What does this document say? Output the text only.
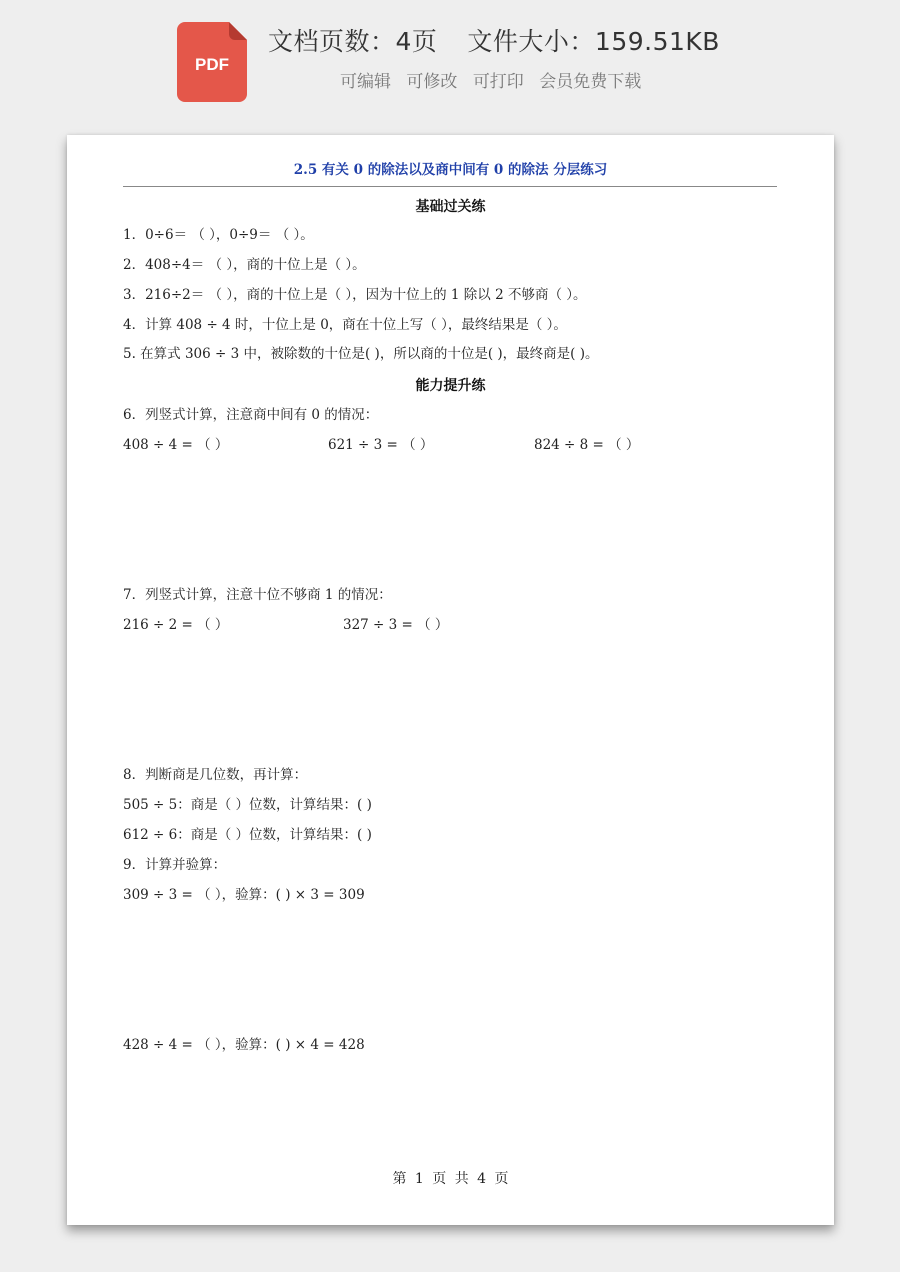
PDF
文档页数：4页 文件大小：159.51KB
可编辑 可修改 可打印 会员免费下载
2.5 有关 0 的除法以及商中间有 0 的除法 分层练习
基础过关练
1．0÷6＝ （ ），0÷9＝ （ ）。
2．408÷4＝ （ ），商的十位上是（ ）。
3．216÷2＝ （ ），商的十位上是（ ），因为十位上的 1 除以 2 不够商（ ）。
4．计算 408 ÷ 4 时，十位上是 0，商在十位上写（ ），最终结果是（ ）。
5. 在算式 306 ÷ 3 中，被除数的十位是( )，所以商的十位是( )，最终商是( )。
能力提升练
6．列竖式计算，注意商中间有 0 的情况：
408 ÷ 4 = （ ）	621 ÷ 3 = （ ）	824 ÷ 8 = （ ）
7．列竖式计算，注意十位不够商 1 的情况：
216 ÷ 2 = （ ）	327 ÷ 3 = （ ）
8．判断商是几位数，再计算：
505 ÷ 5：商是（ ）位数，计算结果：( )
612 ÷ 6：商是（ ）位数，计算结果：( )
9．计算并验算：
309 ÷ 3 = （ ），验算：( ) × 3 = 309
428 ÷ 4 = （ ），验算：( ) × 4 = 428
第 1 页 共 4 页
